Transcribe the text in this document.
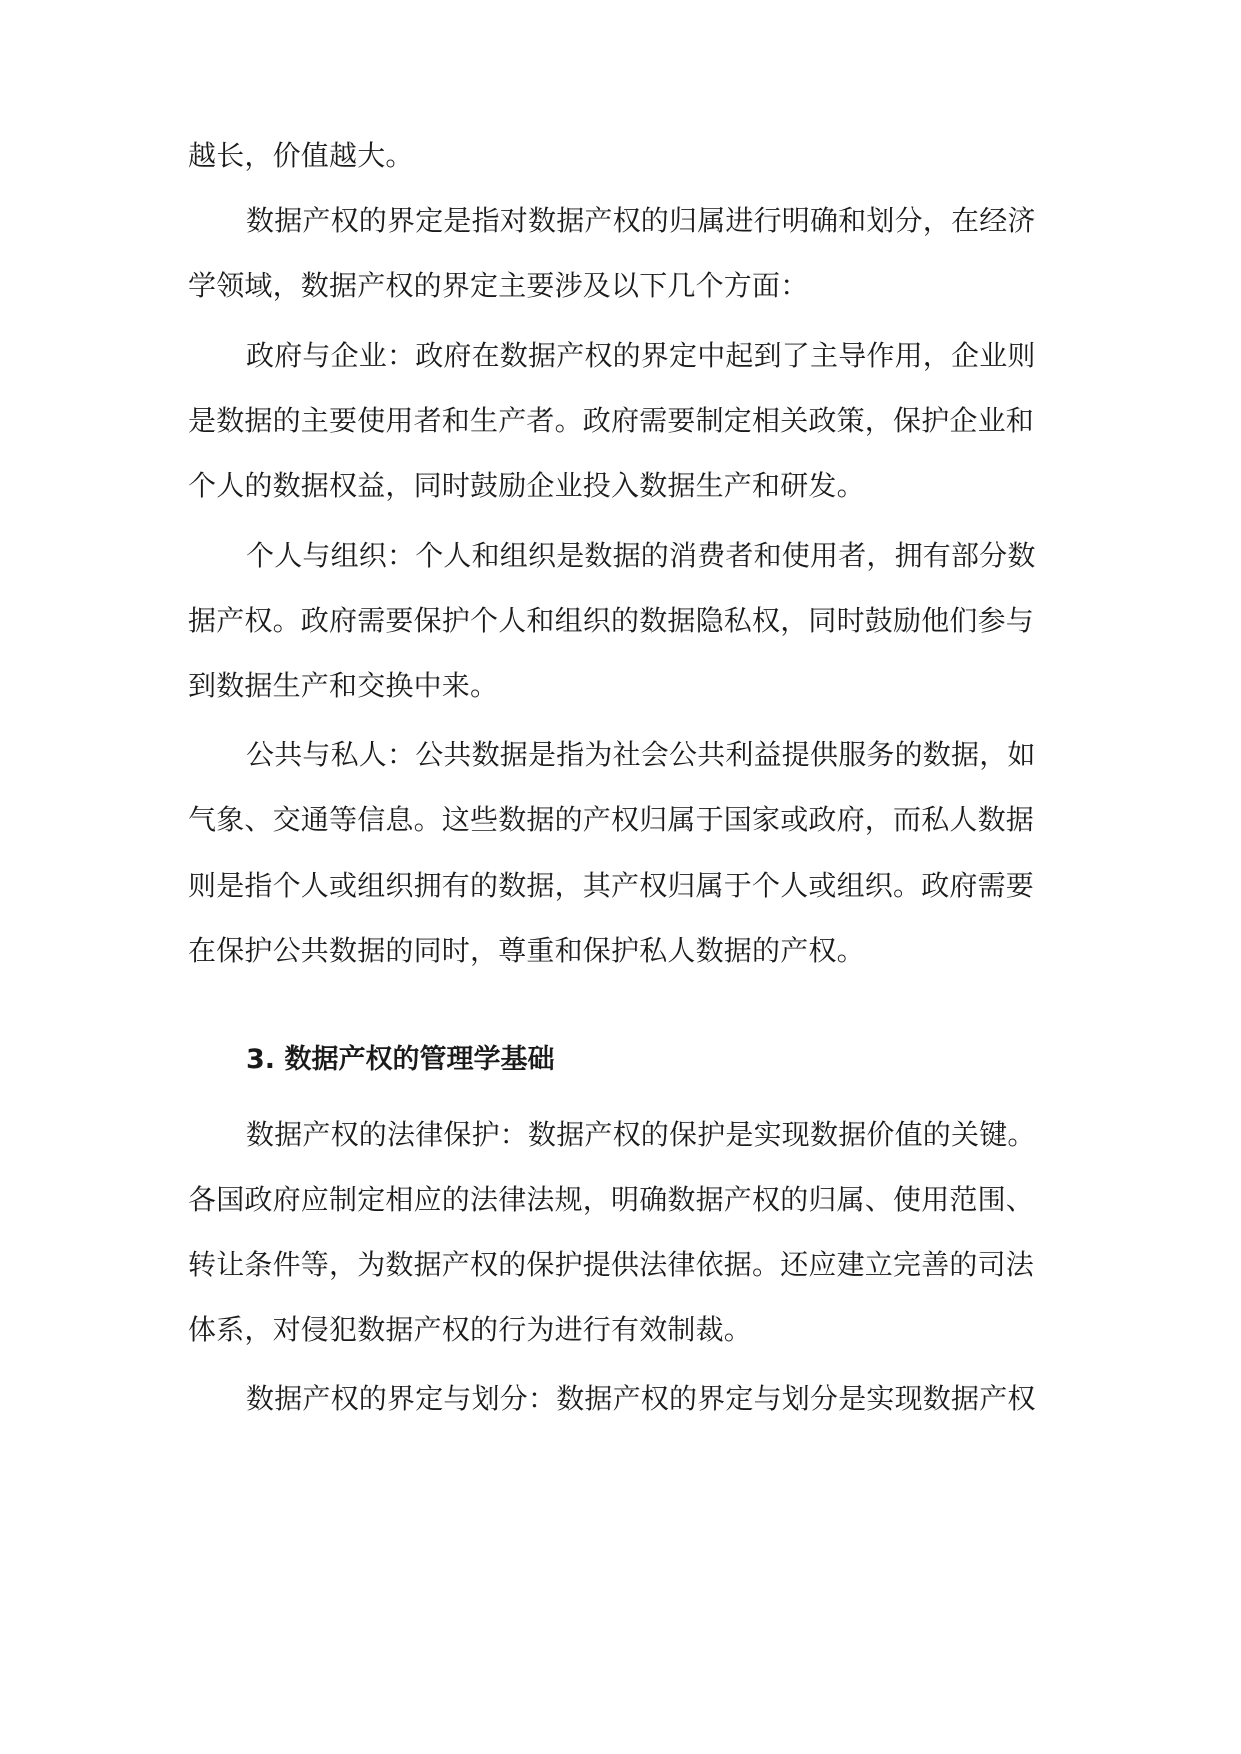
越长，价值越大。
数据产权的界定是指对数据产权的归属进行明确和划分，在经济
学领域，数据产权的界定主要涉及以下几个方面：
政府与企业：政府在数据产权的界定中起到了主导作用，企业则
是数据的主要使用者和生产者。政府需要制定相关政策，保护企业和
个人的数据权益，同时鼓励企业投入数据生产和研发。
个人与组织：个人和组织是数据的消费者和使用者，拥有部分数
据产权。政府需要保护个人和组织的数据隐私权，同时鼓励他们参与
到数据生产和交换中来。
公共与私人：公共数据是指为社会公共利益提供服务的数据，如
气象、交通等信息。这些数据的产权归属于国家或政府，而私人数据
则是指个人或组织拥有的数据，其产权归属于个人或组织。政府需要
在保护公共数据的同时，尊重和保护私人数据的产权。
3. 数据产权的管理学基础
数据产权的法律保护：数据产权的保护是实现数据价值的关键。
各国政府应制定相应的法律法规，明确数据产权的归属、使用范围、
转让条件等，为数据产权的保护提供法律依据。还应建立完善的司法
体系，对侵犯数据产权的行为进行有效制裁。
数据产权的界定与划分：数据产权的界定与划分是实现数据产权
